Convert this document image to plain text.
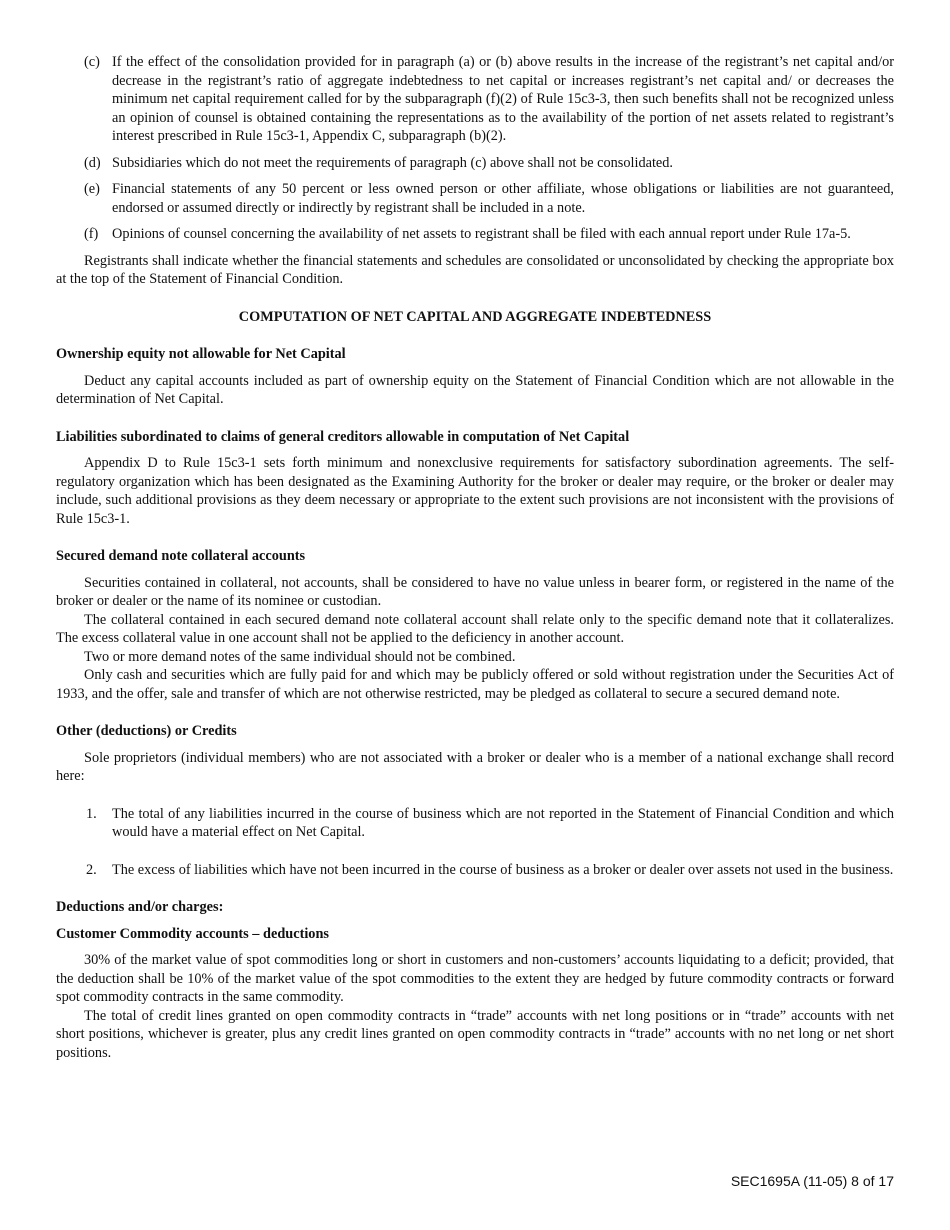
(c) If the effect of the consolidation provided for in paragraph (a) or (b) above results in the increase of the registrant’s net capital and/or decrease in the registrant’s ratio of aggregate indebtedness to net capital or increases registrant’s net capital and/ or decreases the minimum net capital requirement called for by the subparagraph (f)(2) of Rule 15c3-3, then such benefits shall not be recognized unless an opinion of counsel is obtained containing the representations as to the availability of the portion of net assets related to registrant’s interest prescribed in Rule 15c3-1, Appendix C, subparagraph (b)(2).
(d) Subsidiaries which do not meet the requirements of paragraph (c) above shall not be consolidated.
(e) Financial statements of any 50 percent or less owned person or other affiliate, whose obligations or liabilities are not guaranteed, endorsed or assumed directly or indirectly by registrant shall be included in a note.
(f) Opinions of counsel concerning the availability of net assets to registrant shall be filed with each annual report under Rule 17a-5.

Registrants shall indicate whether the financial statements and schedules are consolidated or unconsolidated by checking the appropriate box at the top of the Statement of Financial Condition.

COMPUTATION OF NET CAPITAL AND AGGREGATE INDEBTEDNESS
Ownership equity not allowable for Net Capital

Deduct any capital accounts included as part of ownership equity on the Statement of Financial Condition which are not allowable in the determination of Net Capital.

Liabilities subordinated to claims of general creditors allowable in computation of Net Capital

Appendix D to Rule 15c3-1 sets forth minimum and nonexclusive requirements for satisfactory subordination agreements. The self-regulatory organization which has been designated as the Examining Authority for the broker or dealer may require, or the broker or dealer may include, such additional provisions as they deem necessary or appropriate to the extent such provisions are not inconsistent with the provisions of Rule 15c3-1.

Secured demand note collateral accounts

Securities contained in collateral, not accounts, shall be considered to have no value unless in bearer form, or registered in the name of the broker or dealer or the name of its nominee or custodian.

The collateral contained in each secured demand note collateral account shall relate only to the specific demand note that it collateralizes. The excess collateral value in one account shall not be applied to the deficiency in another account.

Two or more demand notes of the same individual should not be combined.

Only cash and securities which are fully paid for and which may be publicly offered or sold without registration under the Securities Act of 1933, and the offer, sale and transfer of which are not otherwise restricted, may be pledged as collateral to secure a secured demand note.

Other (deductions) or Credits

Sole proprietors (individual members) who are not associated with a broker or dealer who is a member of a national exchange shall record here:

1. The total of any liabilities incurred in the course of business which are not reported in the Statement of Financial Condition and which would have a material effect on Net Capital.
2. The excess of liabilities which have not been incurred in the course of business as a broker or dealer over assets not used in the business.
Deductions and/or charges:
Customer Commodity accounts – deductions

30% of the market value of spot commodities long or short in customers and non-customers’ accounts liquidating to a deficit; provided, that the deduction shall be 10% of the market value of the spot commodities to the extent they are hedged by future commodity contracts or forward spot commodity contracts in the same commodity.

The total of credit lines granted on open commodity contracts in “trade” accounts with net long positions or in “trade” accounts with net short positions, whichever is greater, plus any credit lines granted on open commodity contracts in “trade” accounts with no net long or net short positions.

SEC1695A (11-05) 8 of 17
